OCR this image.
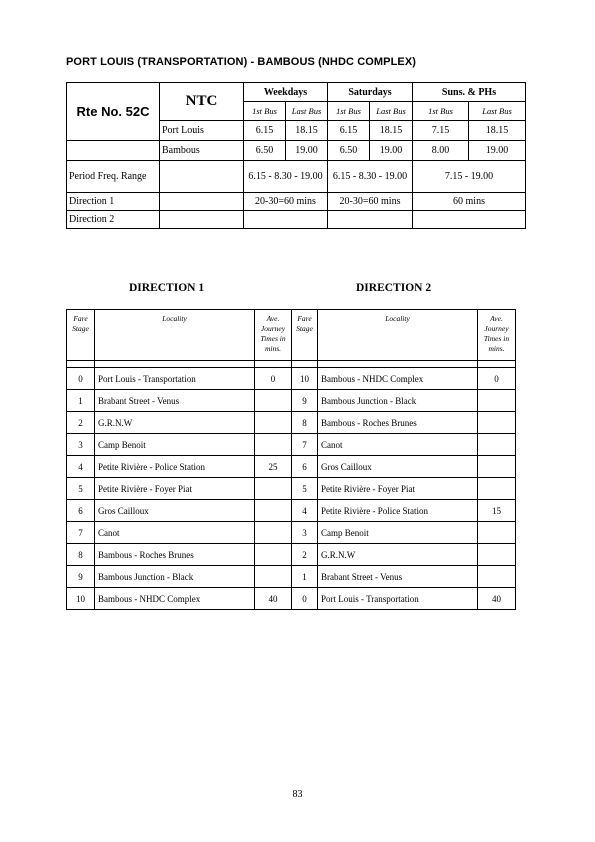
PORT LOUIS (TRANSPORTATION) - BAMBOUS (NHDC COMPLEX)
Rte No. 52C	NTC	Weekdays		Saturdays		Suns. & PHs	
		1st Bus	Last Bus	1st Bus	Last Bus	1st Bus	Last Bus
	Port Louis	6.15	18.15	6.15	18.15	7.15	18.15
	Bambous	6.50	19.00	6.50	19.00	8.00	19.00
Period Freq. Range		6.15 - 8.30 - 19.00		6.15 - 8.30 - 19.00		7.15 - 19.00	
Direction 1		20-30=60 mins		20-30=60 mins		60 mins	
Direction 2							
DIRECTION 1	DIRECTION 2
Fare Stage	Locality	Ave. Journey Times in mins.	Fare Stage	Locality	Ave. Journey Times in mins.

0	Port Louis - Transportation	0	10	Bambous - NHDC Complex	0
1	Brabant Street - Venus		9	Bambous Junction - Black	
2	G.R.N.W		8	Bambous - Roches Brunes	
3	Camp Benoit		7	Canot	
4	Petite Rivière - Police Station	25	6	Gros Cailloux	
5	Petite Rivière - Foyer Piat		5	Petite Rivière - Foyer Piat	
6	Gros Cailloux		4	Petite Rivière - Police Station	15
7	Canot		3	Camp Benoit	
8	Bambous - Roches Brunes		2	G.R.N.W	
9	Bambous Junction - Black		1	Brabant Street - Venus	
10	Bambous - NHDC Complex	40	0	Port Louis - Transportation	40
83
